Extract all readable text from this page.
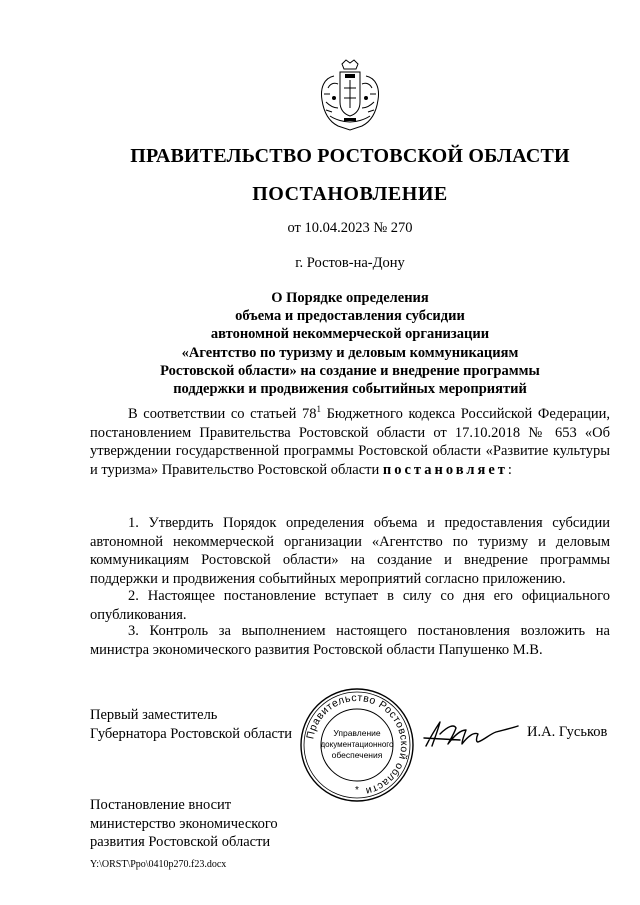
ПРАВИТЕЛЬСТВО РОСТОВСКОЙ ОБЛАСТИ
ПОСТАНОВЛЕНИЕ
от 10.04.2023 № 270
г. Ростов-на-Дону
О Порядке определения
объема и предоставления субсидии
автономной некоммерческой организации
«Агентство по туризму и деловым коммуникациям
Ростовской области» на создание и внедрение программы
поддержки и продвижения событийных мероприятий
В соответствии со статьей $78^1$ Бюджетного кодекса Российской Федерации, постановлением Правительства Ростовской области от 17.10.2018 № 653 «Об утверждении государственной программы Ростовской области «Развитие культуры и туризма» Правительство Ростовской области постановляет:
1. Утвердить Порядок определения объема и предоставления субсидии автономной некоммерческой организации «Агентство по туризму и деловым коммуникациям Ростовской области» на создание и внедрение программы поддержки и продвижения событийных мероприятий согласно приложению.
2. Настоящее постановление вступает в силу со дня его официального опубликования.
3. Контроль за выполнением настоящего постановления возложить на министра экономического развития Ростовской области Папушенко М.В.
Первый заместитель
Губернатора Ростовской области Правительство Ростовской области
Управление
документационного
обеспечения
*
И.А. Гуськов
Постановление вносит
министерство экономического
развития Ростовской области
Y:\ORST\Ppo\0410p270.f23.docx
